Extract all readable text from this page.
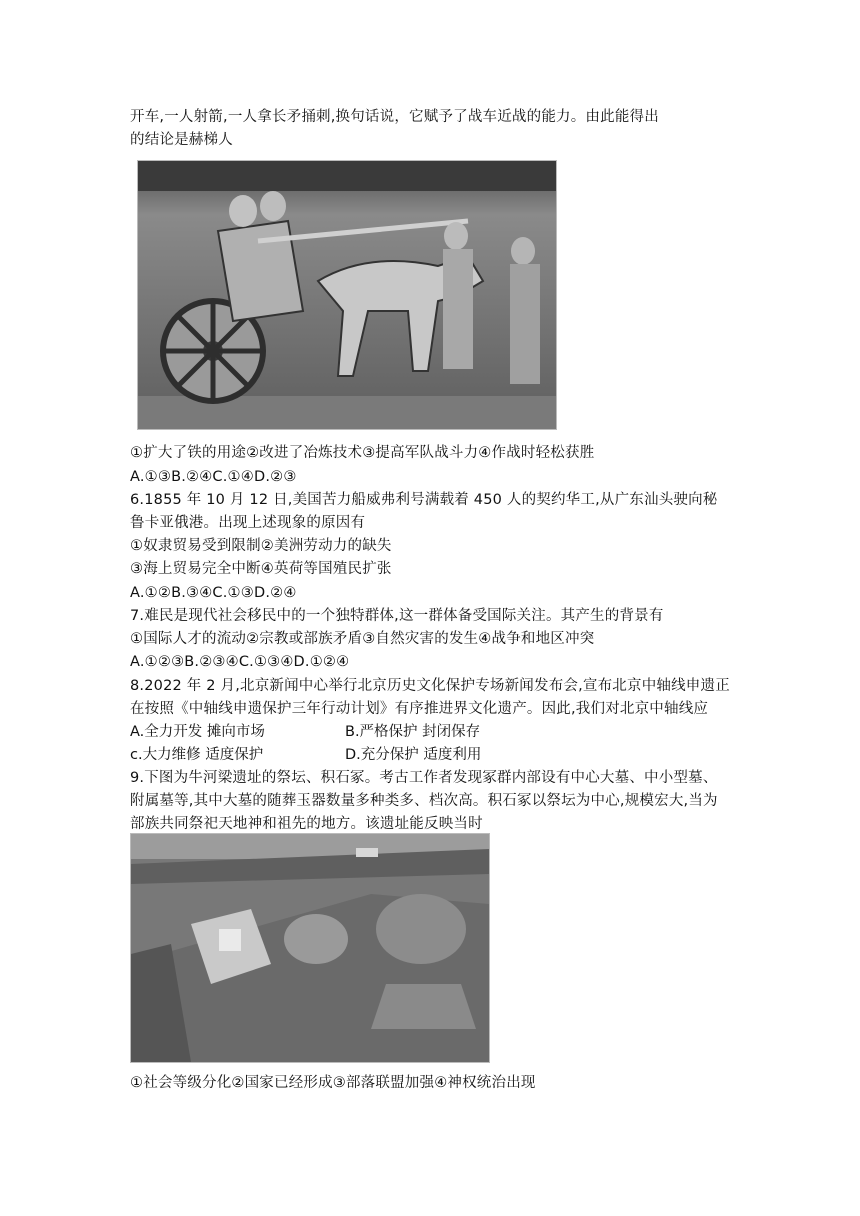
开车,一人射箭,一人拿长矛捅刺,换句话说，它赋予了战车近战的能力。由此能得出
的结论是赫梯人
①扩大了铁的用途②改进了冶炼技术③提高军队战斗力④作战时轻松获胜
A.①③B.②④C.①④D.②③
6.1855 年 10 月 12 日,美国苦力船威弗利号满载着 450 人的契约华工,从广东汕头驶向秘
鲁卡亚俄港。出现上述现象的原因有
①奴隶贸易受到限制②美洲劳动力的缺失
③海上贸易完全中断④英荷等国殖民扩张
A.①②B.③④C.①③D.②④
7.难民是现代社会移民中的一个独特群体,这一群体备受国际关注。其产生的背景有
①国际人才的流动②宗教或部族矛盾③自然灾害的发生④战争和地区冲突
A.①②③B.②③④C.①③④D.①②④
8.2022 年 2 月,北京新闻中心举行北京历史文化保护专场新闻发布会,宣布北京中轴线申遗正
在按照《中轴线申遗保护三年行动计划》有序推进界文化遗产。因此,我们对北京中轴线应
A.全力开发 摊向市场	B.严格保护 封闭保存
c.大力维修 适度保护	D.充分保护 适度利用
9.下图为牛河梁遗址的祭坛、积石冢。考古工作者发现冢群内部设有中心大墓、中小型墓、
附属墓等,其中大墓的随葬玉器数量多种类多、档次高。积石冢以祭坛为中心,规模宏大,当为
部族共同祭祀天地神和祖先的地方。该遗址能反映当时
①社会等级分化②国家已经形成③部落联盟加强④神权统治出现
